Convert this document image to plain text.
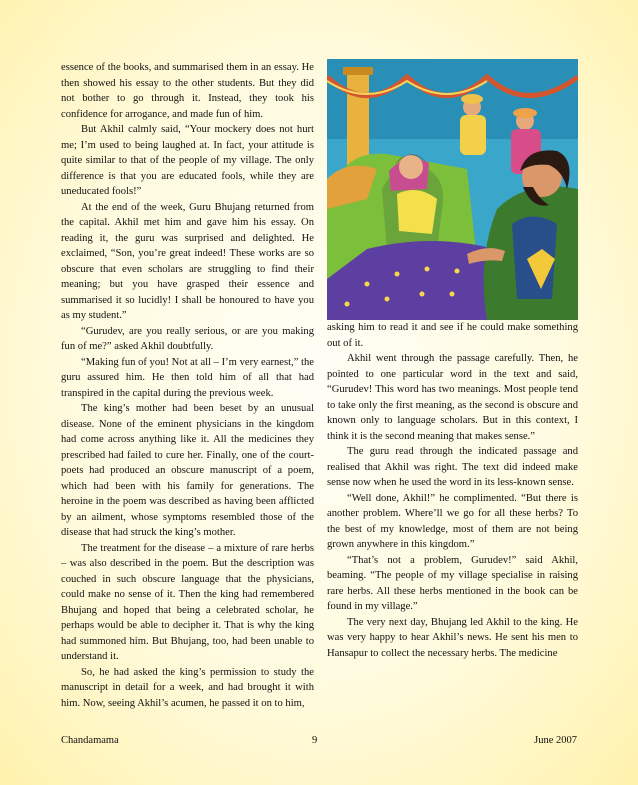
essence of the books, and summarised them in an essay. He then showed his essay to the other students. But they did not bother to go through it. Instead, they took his confidence for arrogance, and made fun of him.

But Akhil calmly said, “Your mockery does not hurt me; I’m used to being laughed at. In fact, your attitude is quite similar to that of the people of my village. The only difference is that you are educated fools, while they are uneducated fools!”

At the end of the week, Guru Bhujang returned from the capital. Akhil met him and gave him his essay. On reading it, the guru was surprised and delighted. He exclaimed, “Son, you’re great indeed! These works are so obscure that even scholars are struggling to find their meaning; but you have grasped their essence and summarised it so lucidly! I shall be honoured to have you as my student.”

“Gurudev, are you really serious, or are you making fun of me?” asked Akhil doubtfully.

“Making fun of you! Not at all – I’m very earnest,” the guru assured him. He then told him of all that had transpired in the capital during the previous week.

The king’s mother had been beset by an unusual disease. None of the eminent physicians in the kingdom had come across anything like it. All the medicines they prescribed had failed to cure her. Finally, one of the court-poets had produced an obscure manuscript of a poem, which had been with his family for generations. The heroine in the poem was described as having been afflicted by an ailment, whose symptoms resembled those of the disease that had struck the king’s mother.

The treatment for the disease – a mixture of rare herbs – was also described in the poem. But the description was couched in such obscure language that the physicians, could make no sense of it. Then the king had remembered Bhujang and hoped that being a celebrated scholar, he perhaps would be able to decipher it. That is why the king had summoned him. But Bhujang, too, had been unable to understand it.

So, he had asked the king’s permission to study the manuscript in detail for a week, and had brought it with him. Now, seeing Akhil’s acumen, he passed it on to him,

asking him to read it and see if he could make something out of it.

Akhil went through the passage carefully. Then, he pointed to one particular word in the text and said, “Gurudev! This word has two meanings. Most people tend to take only the first meaning, as the second is obscure and known only to language scholars. But in this context, I think it is the second meaning that makes sense.”

The guru read through the indicated passage and realised that Akhil was right. The text did indeed make sense now when he used the word in its less-known sense.

“Well done, Akhil!” he complimented. “But there is another problem. Where’ll we go for all these herbs? To the best of my knowledge, most of them are not being grown anywhere in this kingdom.”

“That’s not a problem, Gurudev!” said Akhil, beaming. “The people of my village specialise in raising rare herbs. All these herbs mentioned in the book can be found in my village.”

The very next day, Bhujang led Akhil to the king. He was very happy to hear Akhil’s news. He sent his men to Hansapur to collect the necessary herbs. The medicine

Chandamama	9	June 2007
